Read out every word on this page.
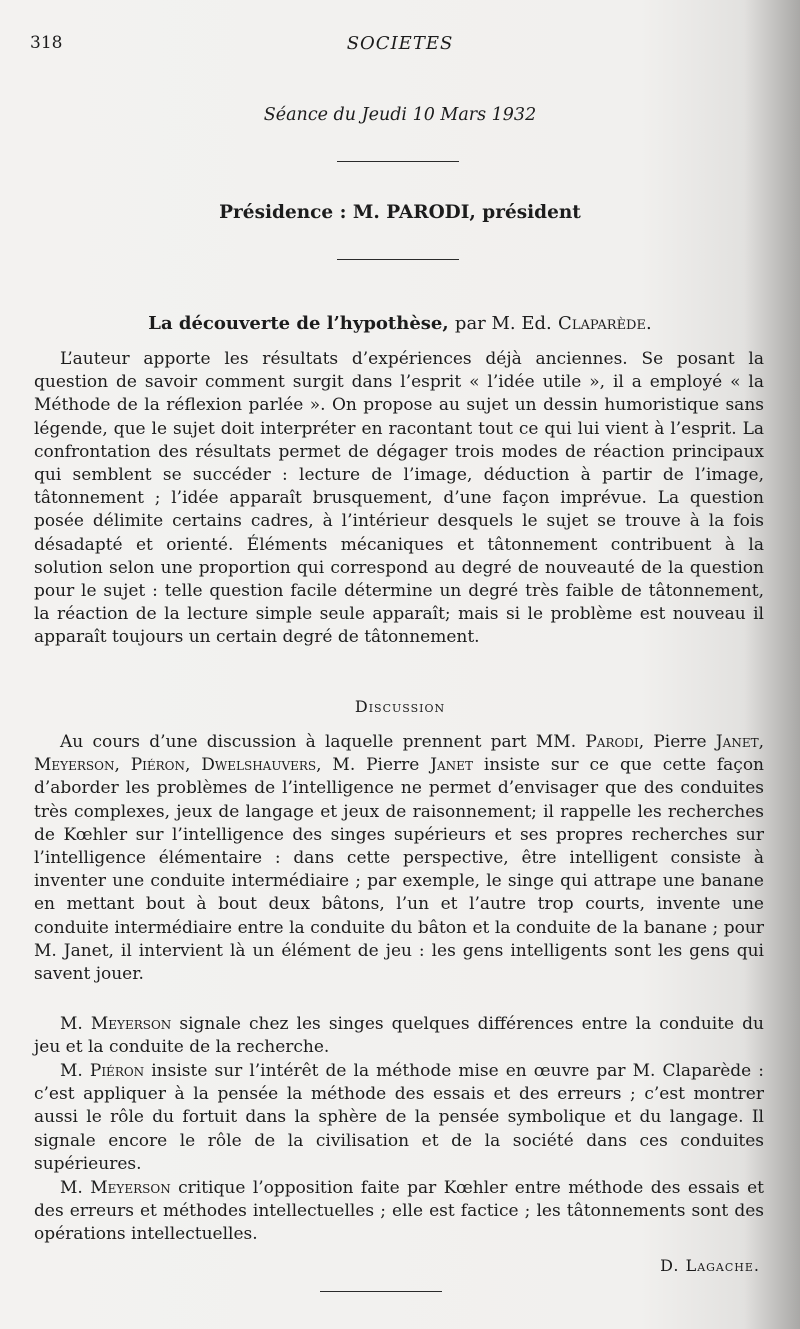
318	SOCIETES
Séance du Jeudi 10 Mars 1932
Présidence : M. PARODI, président
La découverte de l’hypothèse, par M. Ed. Claparède.

L’auteur apporte les résultats d’expériences déjà anciennes. Se posant la question de savoir comment surgit dans l’esprit « l’idée utile », il a employé « la Méthode de la réflexion parlée ». On propose au sujet un dessin humoristique sans légende, que le sujet doit interpréter en racontant tout ce qui lui vient à l’esprit. La confrontation des résultats permet de dégager trois modes de réaction principaux qui semblent se succéder : lecture de l’image, déduction à partir de l’image, tâtonnement ; l’idée apparaît brusquement, d’une façon imprévue. La question posée délimite certains cadres, à l’intérieur desquels le sujet se trouve à la fois désadapté et orienté. Éléments mécaniques et tâtonnement contribuent à la solution selon une proportion qui correspond au degré de nouveauté de la question pour le sujet : telle question facile détermine un degré très faible de tâtonnement, la réaction de la lecture simple seule apparaît; mais si le problème est nouveau il apparaît toujours un certain degré de tâtonnement.

Discussion

Au cours d’une discussion à laquelle prennent part MM. Parodi, Pierre Janet, Meyerson, Piéron, Dwelshauvers, M. Pierre Janet insiste sur ce que cette façon d’aborder les problèmes de l’intelligence ne permet d’envisager que des conduites très complexes, jeux de langage et jeux de raisonnement; il rappelle les recherches de Kœhler sur l’intelligence des singes supérieurs et ses propres recherches sur l’intelligence élémentaire : dans cette perspective, être intelligent consiste à inventer une conduite intermédiaire ; par exemple, le singe qui attrape une banane en mettant bout à bout deux bâtons, l’un et l’autre trop courts, invente une conduite intermédiaire entre la conduite du bâton et la conduite de la banane ; pour M. Janet, il intervient là un élément de jeu : les gens intelligents sont les gens qui savent jouer.

M. Meyerson signale chez les singes quelques différences entre la conduite du jeu et la conduite de la recherche.

M. Piéron insiste sur l’intérêt de la méthode mise en œuvre par M. Claparède : c’est appliquer à la pensée la méthode des essais et des erreurs ; c’est montrer aussi le rôle du fortuit dans la sphère de la pensée symbolique et du langage. Il signale encore le rôle de la civilisation et de la société dans ces conduites supérieures.

M. Meyerson critique l’opposition faite par Kœhler entre méthode des essais et des erreurs et méthodes intellectuelles ; elle est factice ; les tâtonnements sont des opérations intellectuelles.

D. Lagache.
